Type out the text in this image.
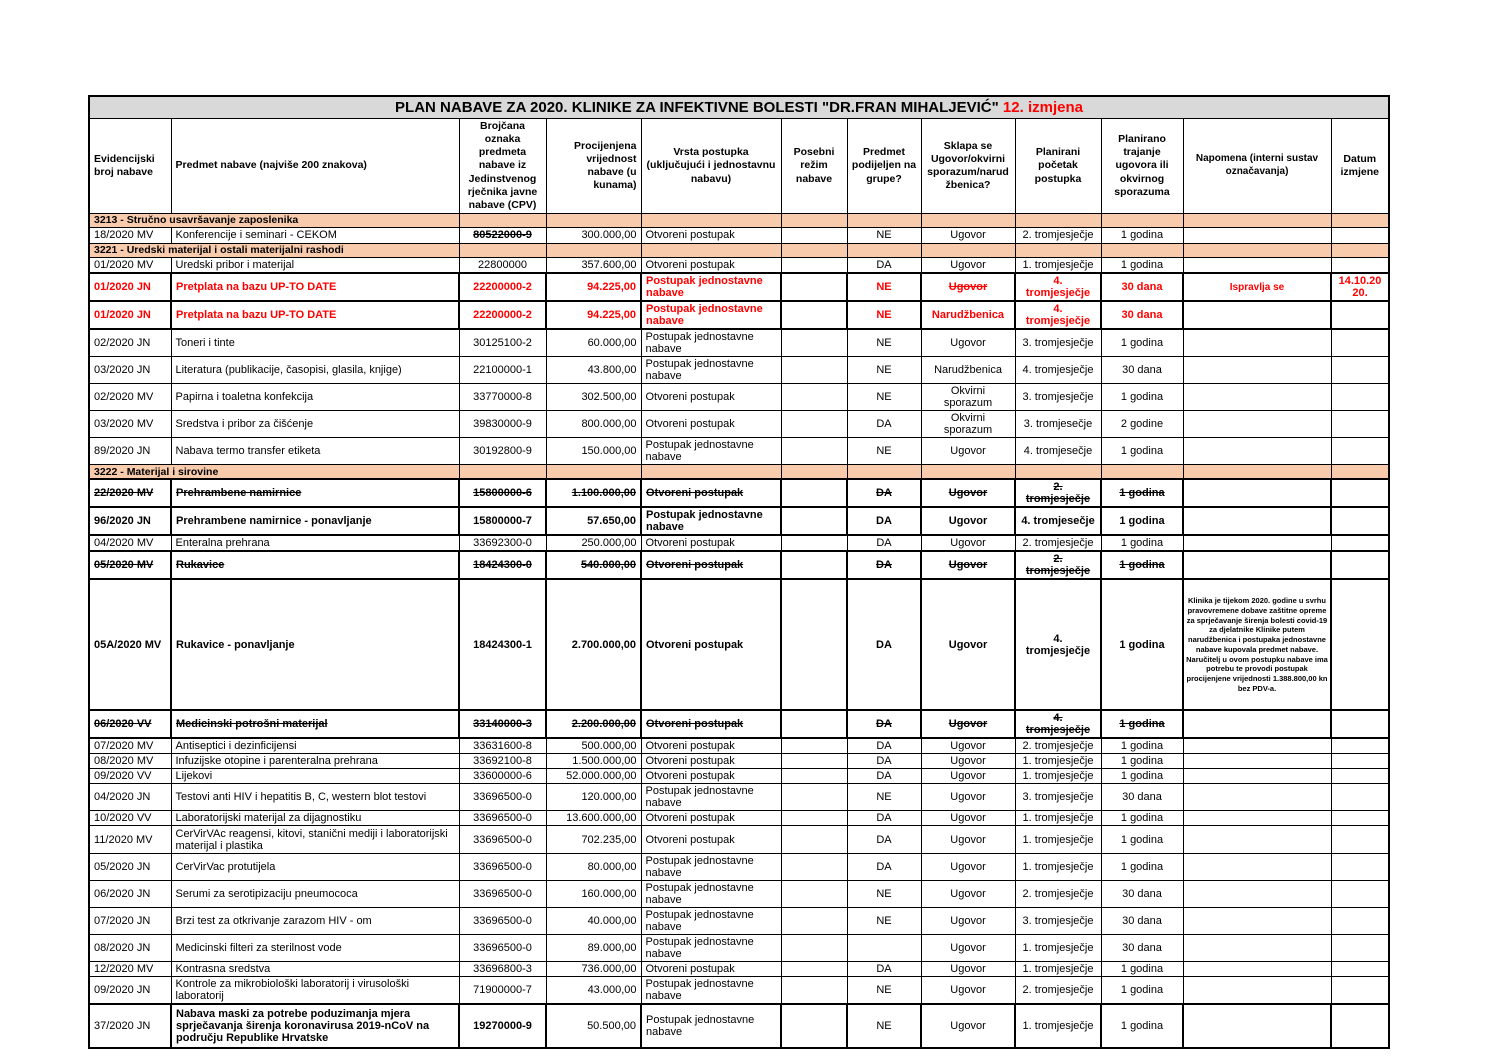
PLAN NABAVE ZA 2020. KLINIKE ZA INFEKTIVNE BOLESTI "DR.FRAN MIHALJEVIĆ" 12. izmjena											
Evidencijski broj nabave	Predmet nabave (najviše 200 znakova)	Brojčana oznaka predmeta nabave iz Jedinstvenog rječnika javne nabave (CPV)	Procijenjena vrijednost nabave (u kunama)	Vrsta postupka (uključujući i jednostavnu nabavu)	Posebni režim nabave	Predmet podijeljen na grupe?	Sklapa se Ugovor/okvirni sporazum/narudžbenica?	Planirani početak postupka	Planirano trajanje ugovora ili okvirnog sporazuma	Napomena (interni sustav označavanja)	Datum izmjene
3213 - Stručno usavršavanje zaposlenika											
18/2020 MV	Konferencije i seminari - CEKOM	80522000-9	300.000,00	Otvoreni postupak		NE	Ugovor	2. tromjesječje	1 godina		
3221 - Uredski materijal i ostali materijalni rashodi											
01/2020 MV	Uredski pribor i materijal	22800000	357.600,00	Otvoreni postupak		DA	Ugovor	1. tromjesječje	1 godina		
01/2020 JN	Pretplata na bazu UP-TO DATE	22200000-2	94.225,00	Postupak jednostavne nabave		NE	Ugovor	4. tromjesječje	30 dana	Ispravlja se	14.10.2020.
01/2020 JN	Pretplata na bazu UP-TO DATE	22200000-2	94.225,00	Postupak jednostavne nabave		NE	Narudžbenica	4. tromjesječje	30 dana		
02/2020 JN	Toneri i tinte	30125100-2	60.000,00	Postupak jednostavne nabave		NE	Ugovor	3. tromjesječje	1 godina		
03/2020 JN	Literatura (publikacije, časopisi, glasila, knjige)	22100000-1	43.800,00	Postupak jednostavne nabave		NE	Narudžbenica	4. tromjesječje	30 dana		
02/2020 MV	Papirna i toaletna konfekcija	33770000-8	302.500,00	Otvoreni postupak		NE	Okvirni sporazum	3. tromjesječje	1 godina		
03/2020 MV	Sredstva i pribor za čišćenje	39830000-9	800.000,00	Otvoreni postupak		DA	Okvirni sporazum	3. tromjesečje	2 godine		
89/2020 JN	Nabava termo transfer etiketa	30192800-9	150.000,00	Postupak jednostavne nabave		NE	Ugovor	4. tromjesečje	1 godina		
3222 - Materijal i sirovine											
22/2020 MV	Prehrambene namirnice	15800000-6	1.100.000,00	Otvoreni postupak		DA	Ugovor	2. tromjesječje	1 godina		
96/2020 JN	Prehrambene namirnice - ponavljanje	15800000-7	57.650,00	Postupak jednostavne nabave		DA	Ugovor	4. tromjesečje	1 godina		
04/2020 MV	Enteralna prehrana	33692300-0	250.000,00	Otvoreni postupak		DA	Ugovor	2. tromjesječje	1 godina		
05/2020 MV	Rukavice	18424300-0	540.000,00	Otvoreni postupak		DA	Ugovor	2. tromjesječje	1 godina		
05A/2020 MV	Rukavice - ponavljanje	18424300-1	2.700.000,00	Otvoreni postupak		DA	Ugovor	4. tromjesječje	1 godina	Klinika je tijekom 2020. godine u svrhu pravovremene dobave zaštitne opreme za sprječavanje širenja bolesti covid-19 za djelatnike Klinike putem narudžbenica i postupaka jednostavne nabave kupovala predmet nabave. Naručitelj u ovom postupku nabave ima potrebu te provodi postupak procijenjene vrijednosti 1.388.800,00 kn bez PDV-a.	
06/2020 VV	Medicinski potrošni materijal	33140000-3	2.200.000,00	Otvoreni postupak		DA	Ugovor	4. tromjesječje	1 godina		
07/2020 MV	Antiseptici i dezinficijensi	33631600-8	500.000,00	Otvoreni postupak		DA	Ugovor	2. tromjesječje	1 godina		
08/2020 MV	Infuzijske otopine i parenteralna prehrana	33692100-8	1.500.000,00	Otvoreni postupak		DA	Ugovor	1. tromjesječje	1 godina		
09/2020 VV	Lijekovi	33600000-6	52.000.000,00	Otvoreni postupak		DA	Ugovor	1. tromjesječje	1 godina		
04/2020 JN	Testovi anti HIV i hepatitis B, C, western blot testovi	33696500-0	120.000,00	Postupak jednostavne nabave		NE	Ugovor	3. tromjesječje	30 dana		
10/2020 VV	Laboratorijski materijal za dijagnostiku	33696500-0	13.600.000,00	Otvoreni postupak		DA	Ugovor	1. tromjesječje	1 godina		
11/2020 MV	CerVirVAc reagensi, kitovi, stanični mediji i laboratorijski materijal i plastika	33696500-0	702.235,00	Otvoreni postupak		DA	Ugovor	1. tromjesječje	1 godina		
05/2020 JN	CerVirVac protutijela	33696500-0	80.000,00	Postupak jednostavne nabave		DA	Ugovor	1. tromjesječje	1 godina		
06/2020 JN	Serumi za serotipizaciju pneumococa	33696500-0	160.000,00	Postupak jednostavne nabave		NE	Ugovor	2. tromjesječje	30 dana		
07/2020 JN	Brzi test za otkrivanje zarazom HIV - om	33696500-0	40.000,00	Postupak jednostavne nabave		NE	Ugovor	3. tromjesječje	30 dana		
08/2020 JN	Medicinski filteri za sterilnost vode	33696500-0	89.000,00	Postupak jednostavne nabave			Ugovor	1. tromjesječje	30 dana		
12/2020 MV	Kontrasna sredstva	33696800-3	736.000,00	Otvoreni postupak		DA	Ugovor	1. tromjesječje	1 godina		
09/2020 JN	Kontrole za mikrobiološki laboratorij i virusološki laboratorij	71900000-7	43.000,00	Postupak jednostavne nabave		NE	Ugovor	2. tromjesječje	1 godina		
37/2020 JN	Nabava maski za potrebe poduzimanja mjera sprječavanja širenja koronavirusa 2019-nCoV na području Republike Hrvatske	19270000-9	50.500,00	Postupak jednostavne nabave		NE	Ugovor	1. tromjesječje	1 godina		
